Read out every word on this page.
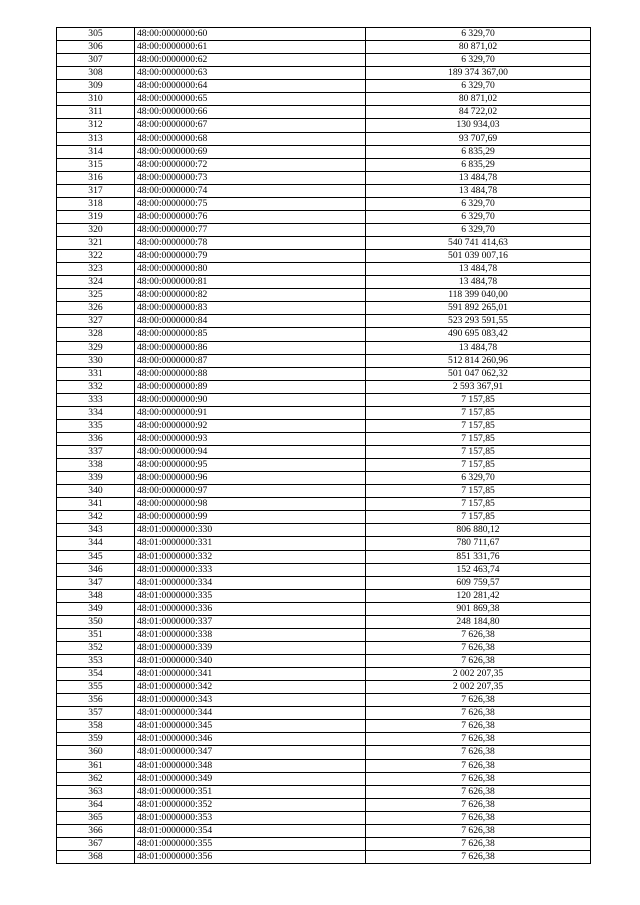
305	48:00:0000000:60	6 329,70
306	48:00:0000000:61	80 871,02
307	48:00:0000000:62	6 329,70
308	48:00:0000000:63	189 374 367,00
309	48:00:0000000:64	6 329,70
310	48:00:0000000:65	80 871,02
311	48:00:0000000:66	84 722,02
312	48:00:0000000:67	130 934,03
313	48:00:0000000:68	93 707,69
314	48:00:0000000:69	6 835,29
315	48:00:0000000:72	6 835,29
316	48:00:0000000:73	13 484,78
317	48:00:0000000:74	13 484,78
318	48:00:0000000:75	6 329,70
319	48:00:0000000:76	6 329,70
320	48:00:0000000:77	6 329,70
321	48:00:0000000:78	540 741 414,63
322	48:00:0000000:79	501 039 007,16
323	48:00:0000000:80	13 484,78
324	48:00:0000000:81	13 484,78
325	48:00:0000000:82	118 399 040,00
326	48:00:0000000:83	591 892 265,01
327	48:00:0000000:84	523 293 591,55
328	48:00:0000000:85	490 695 083,42
329	48:00:0000000:86	13 484,78
330	48:00:0000000:87	512 814 260,96
331	48:00:0000000:88	501 047 062,32
332	48:00:0000000:89	2 593 367,91
333	48:00:0000000:90	7 157,85
334	48:00:0000000:91	7 157,85
335	48:00:0000000:92	7 157,85
336	48:00:0000000:93	7 157,85
337	48:00:0000000:94	7 157,85
338	48:00:0000000:95	7 157,85
339	48:00:0000000:96	6 329,70
340	48:00:0000000:97	7 157,85
341	48:00:0000000:98	7 157,85
342	48:00:0000000:99	7 157,85
343	48:01:0000000:330	806 880,12
344	48:01:0000000:331	780 711,67
345	48:01:0000000:332	851 331,76
346	48:01:0000000:333	152 463,74
347	48:01:0000000:334	609 759,57
348	48:01:0000000:335	120 281,42
349	48:01:0000000:336	901 869,38
350	48:01:0000000:337	248 184,80
351	48:01:0000000:338	7 626,38
352	48:01:0000000:339	7 626,38
353	48:01:0000000:340	7 626,38
354	48:01:0000000:341	2 002 207,35
355	48:01:0000000:342	2 002 207,35
356	48:01:0000000:343	7 626,38
357	48:01:0000000:344	7 626,38
358	48:01:0000000:345	7 626,38
359	48:01:0000000:346	7 626,38
360	48:01:0000000:347	7 626,38
361	48:01:0000000:348	7 626,38
362	48:01:0000000:349	7 626,38
363	48:01:0000000:351	7 626,38
364	48:01:0000000:352	7 626,38
365	48:01:0000000:353	7 626,38
366	48:01:0000000:354	7 626,38
367	48:01:0000000:355	7 626,38
368	48:01:0000000:356	7 626,38
